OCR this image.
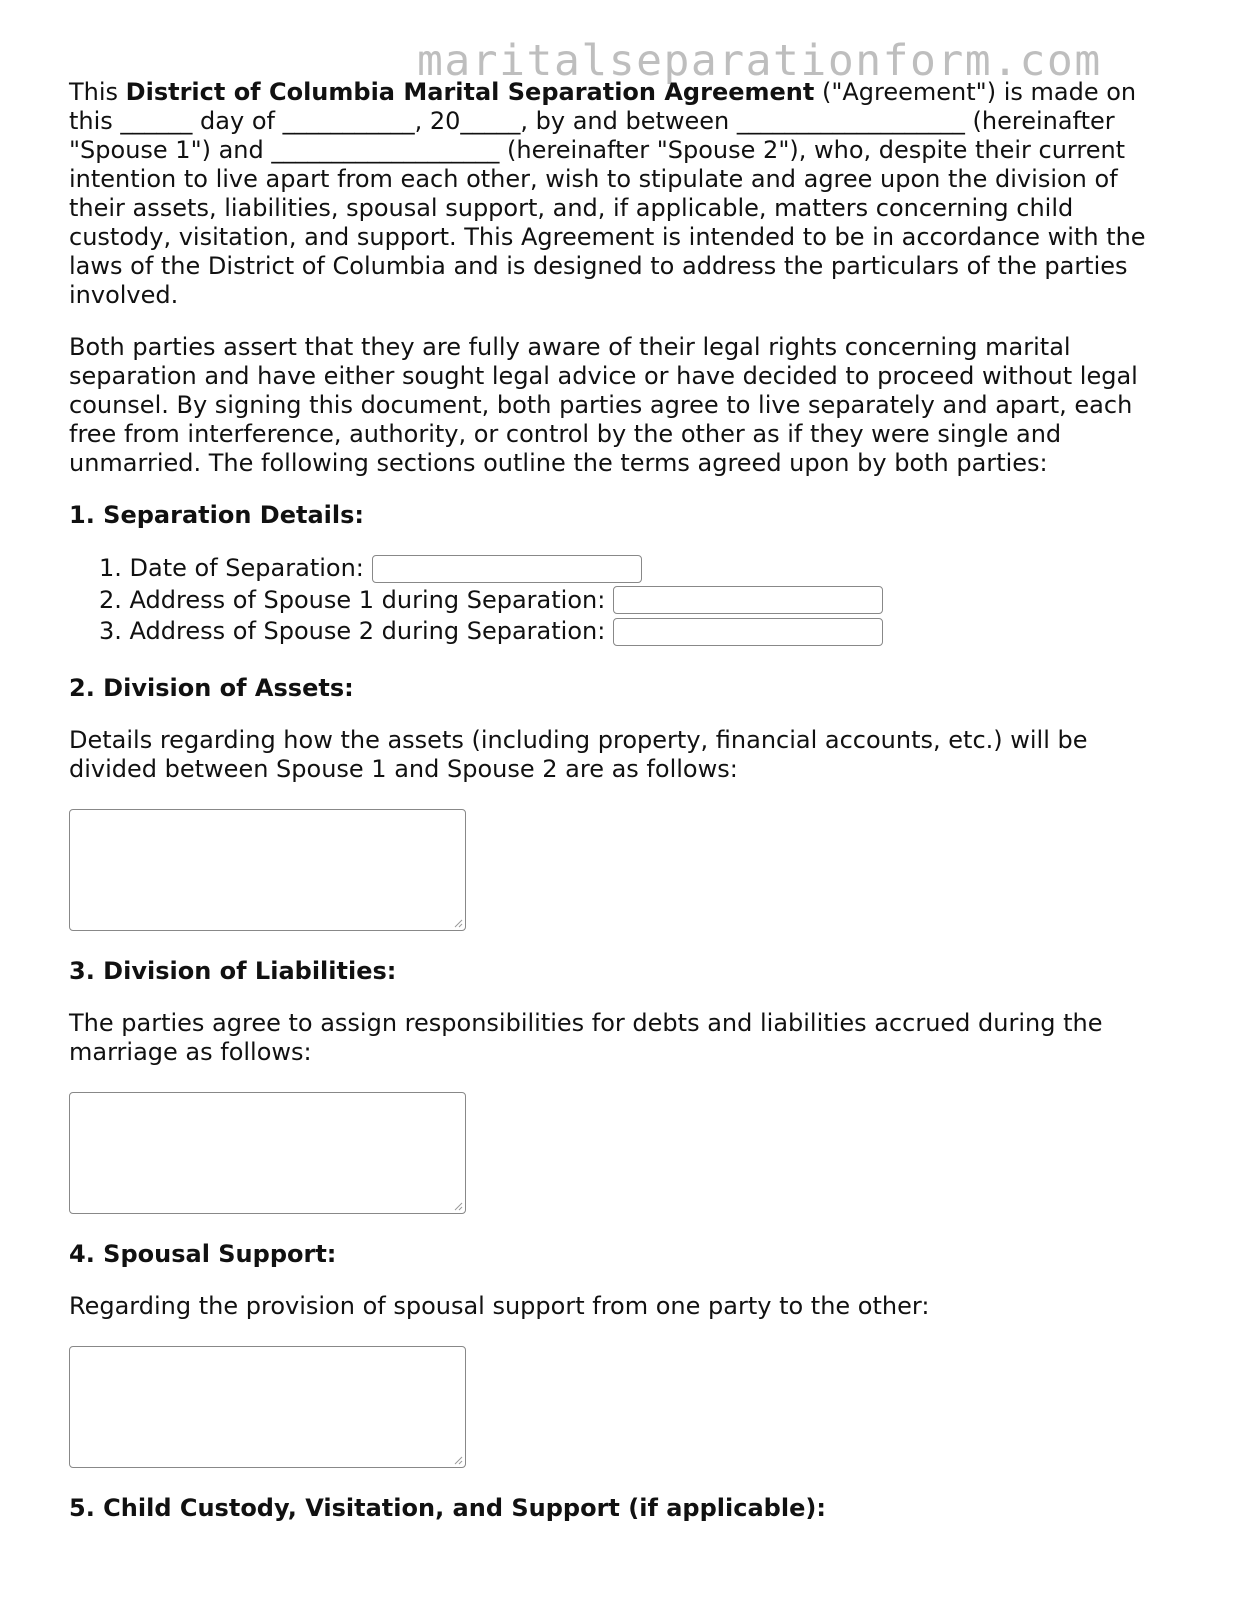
maritalseparationform.com

This District of Columbia Marital Separation Agreement ("Agreement") is made on this ______ day of ___________, 20_____, by and between ___________________ (hereinafter "Spouse 1") and ___________________ (hereinafter "Spouse 2"), who, despite their current intention to live apart from each other, wish to stipulate and agree upon the division of their assets, liabilities, spousal support, and, if applicable, matters concerning child custody, visitation, and support. This Agreement is intended to be in accordance with the laws of the District of Columbia and is designed to address the particulars of the parties involved.

Both parties assert that they are fully aware of their legal rights concerning marital separation and have either sought legal advice or have decided to proceed without legal counsel. By signing this document, both parties agree to live separately and apart, each free from interference, authority, or control by the other as if they were single and unmarried. The following sections outline the terms agreed upon by both parties:

1. Separation Details:
1.
Date of Separation:
2.
Address of Spouse 1 during Separation:
3.
Address of Spouse 2 during Separation:
2. Division of Assets:

Details regarding how the assets (including property, financial accounts, etc.) will be divided between Spouse 1 and Spouse 2 are as follows:

3. Division of Liabilities:

The parties agree to assign responsibilities for debts and liabilities accrued during the marriage as follows:

4. Spousal Support:

Regarding the provision of spousal support from one party to the other:

5. Child Custody, Visitation, and Support (if applicable):
